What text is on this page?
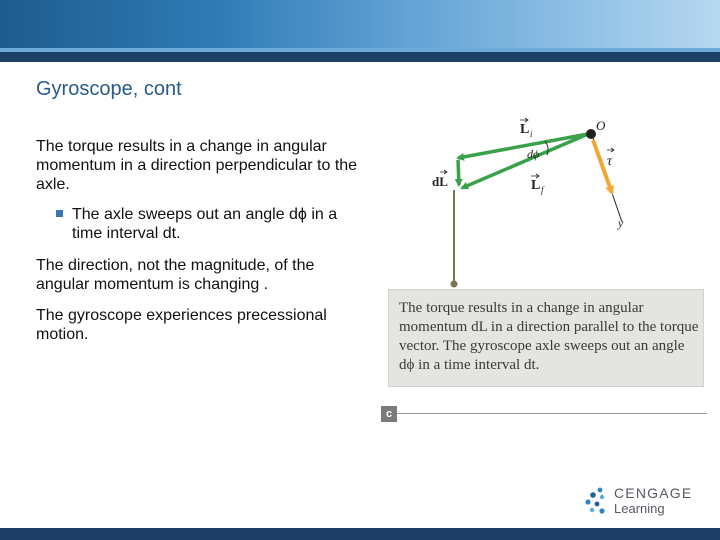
Gyroscope, cont

The torque results in a change in angular momentum in a direction perpendicular to the axle.

The axle sweeps out an angle dϕ in a time interval dt.

The direction, not the magnitude, of the angular momentum is changing .

The gyroscope experiences precessional motion.

L i
dϕ
O
τ
dL	L f
y

The torque results in a change in angular momentum dL in a direction parallel to the torque vector. The gyroscope axle sweeps out an angle dϕ in a time interval dt.

c
CENGAGE
Learning
